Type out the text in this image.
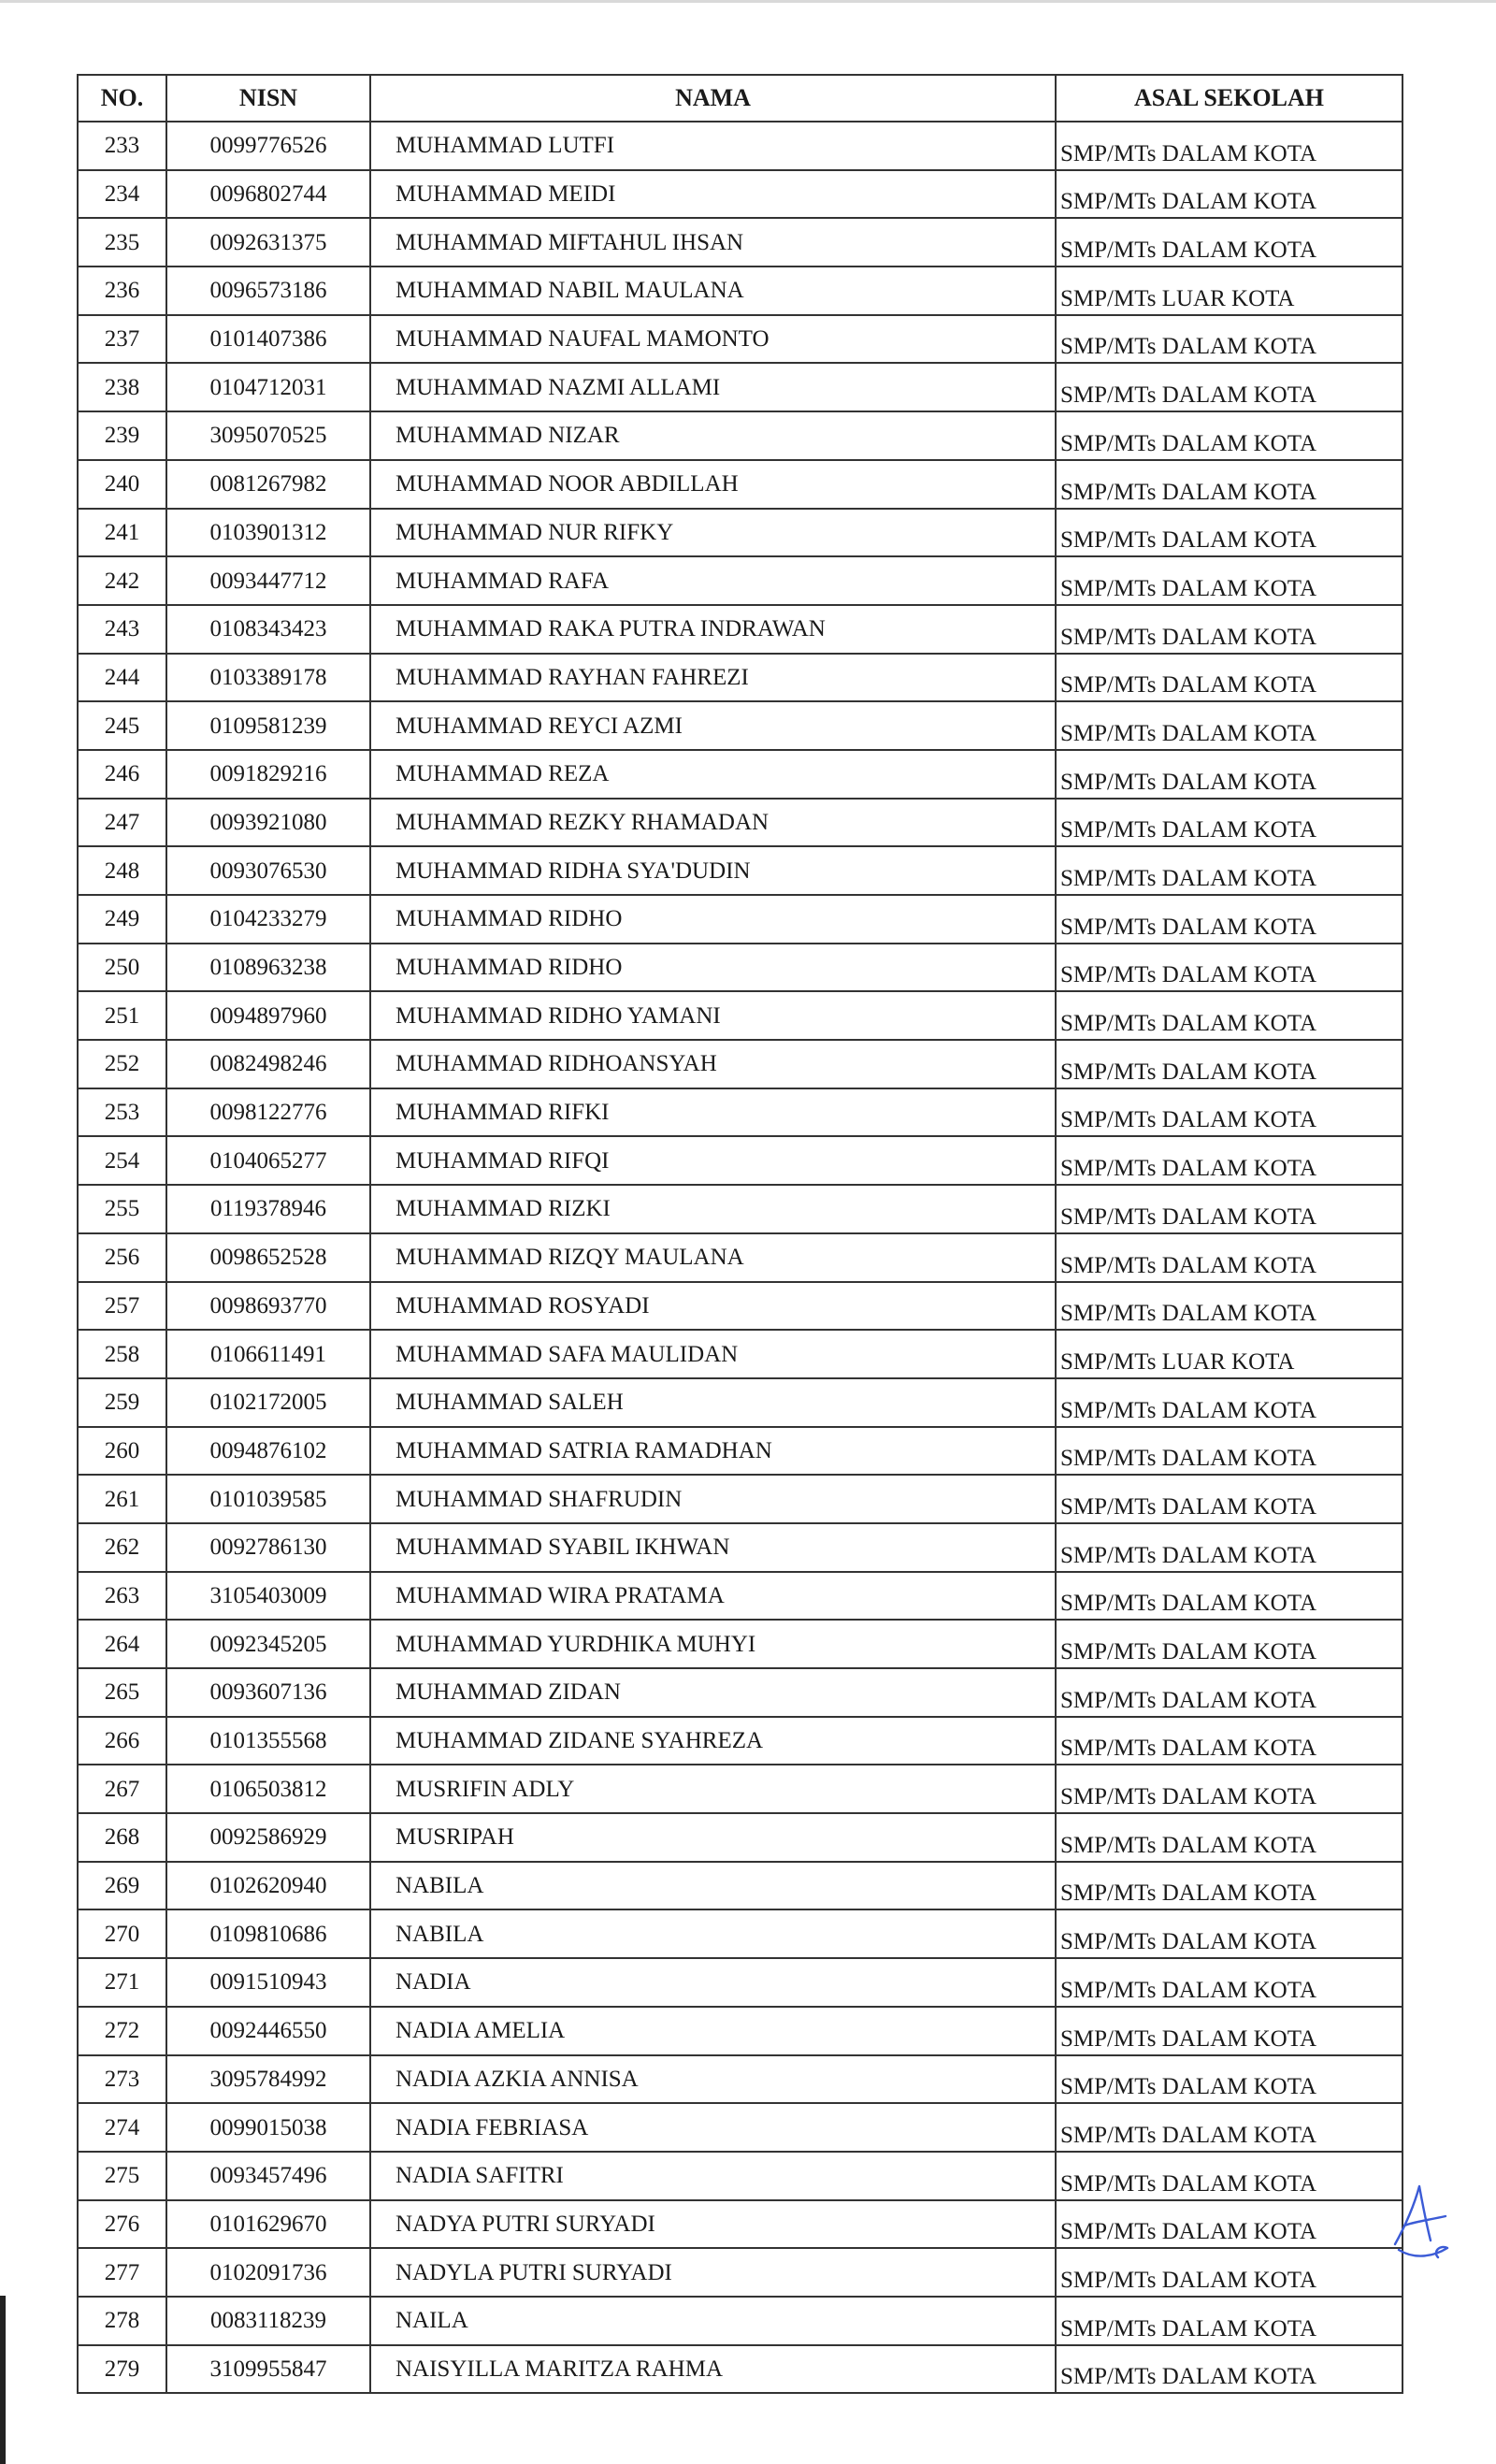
NO.	NISN	NAMA	ASAL SEKOLAH
233	0099776526	MUHAMMAD LUTFI	SMP/MTs DALAM KOTA
234	0096802744	MUHAMMAD MEIDI	SMP/MTs DALAM KOTA
235	0092631375	MUHAMMAD MIFTAHUL IHSAN	SMP/MTs DALAM KOTA
236	0096573186	MUHAMMAD NABIL MAULANA	SMP/MTs LUAR KOTA
237	0101407386	MUHAMMAD NAUFAL MAMONTO	SMP/MTs DALAM KOTA
238	0104712031	MUHAMMAD NAZMI ALLAMI	SMP/MTs DALAM KOTA
239	3095070525	MUHAMMAD NIZAR	SMP/MTs DALAM KOTA
240	0081267982	MUHAMMAD NOOR ABDILLAH	SMP/MTs DALAM KOTA
241	0103901312	MUHAMMAD NUR RIFKY	SMP/MTs DALAM KOTA
242	0093447712	MUHAMMAD RAFA	SMP/MTs DALAM KOTA
243	0108343423	MUHAMMAD RAKA PUTRA INDRAWAN	SMP/MTs DALAM KOTA
244	0103389178	MUHAMMAD RAYHAN FAHREZI	SMP/MTs DALAM KOTA
245	0109581239	MUHAMMAD REYCI AZMI	SMP/MTs DALAM KOTA
246	0091829216	MUHAMMAD REZA	SMP/MTs DALAM KOTA
247	0093921080	MUHAMMAD REZKY RHAMADAN	SMP/MTs DALAM KOTA
248	0093076530	MUHAMMAD RIDHA SYA'DUDIN	SMP/MTs DALAM KOTA
249	0104233279	MUHAMMAD RIDHO	SMP/MTs DALAM KOTA
250	0108963238	MUHAMMAD RIDHO	SMP/MTs DALAM KOTA
251	0094897960	MUHAMMAD RIDHO YAMANI	SMP/MTs DALAM KOTA
252	0082498246	MUHAMMAD RIDHOANSYAH	SMP/MTs DALAM KOTA
253	0098122776	MUHAMMAD RIFKI	SMP/MTs DALAM KOTA
254	0104065277	MUHAMMAD RIFQI	SMP/MTs DALAM KOTA
255	0119378946	MUHAMMAD RIZKI	SMP/MTs DALAM KOTA
256	0098652528	MUHAMMAD RIZQY MAULANA	SMP/MTs DALAM KOTA
257	0098693770	MUHAMMAD ROSYADI	SMP/MTs DALAM KOTA
258	0106611491	MUHAMMAD SAFA MAULIDAN	SMP/MTs LUAR KOTA
259	0102172005	MUHAMMAD SALEH	SMP/MTs DALAM KOTA
260	0094876102	MUHAMMAD SATRIA RAMADHAN	SMP/MTs DALAM KOTA
261	0101039585	MUHAMMAD SHAFRUDIN	SMP/MTs DALAM KOTA
262	0092786130	MUHAMMAD SYABIL IKHWAN	SMP/MTs DALAM KOTA
263	3105403009	MUHAMMAD WIRA PRATAMA	SMP/MTs DALAM KOTA
264	0092345205	MUHAMMAD YURDHIKA MUHYI	SMP/MTs DALAM KOTA
265	0093607136	MUHAMMAD ZIDAN	SMP/MTs DALAM KOTA
266	0101355568	MUHAMMAD ZIDANE SYAHREZA	SMP/MTs DALAM KOTA
267	0106503812	MUSRIFIN ADLY	SMP/MTs DALAM KOTA
268	0092586929	MUSRIPAH	SMP/MTs DALAM KOTA
269	0102620940	NABILA	SMP/MTs DALAM KOTA
270	0109810686	NABILA	SMP/MTs DALAM KOTA
271	0091510943	NADIA	SMP/MTs DALAM KOTA
272	0092446550	NADIA AMELIA	SMP/MTs DALAM KOTA
273	3095784992	NADIA AZKIA ANNISA	SMP/MTs DALAM KOTA
274	0099015038	NADIA FEBRIASA	SMP/MTs DALAM KOTA
275	0093457496	NADIA SAFITRI	SMP/MTs DALAM KOTA
276	0101629670	NADYA PUTRI SURYADI	SMP/MTs DALAM KOTA
277	0102091736	NADYLA PUTRI SURYADI	SMP/MTs DALAM KOTA
278	0083118239	NAILA	SMP/MTs DALAM KOTA
279	3109955847	NAISYILLA MARITZA RAHMA	SMP/MTs DALAM KOTA
